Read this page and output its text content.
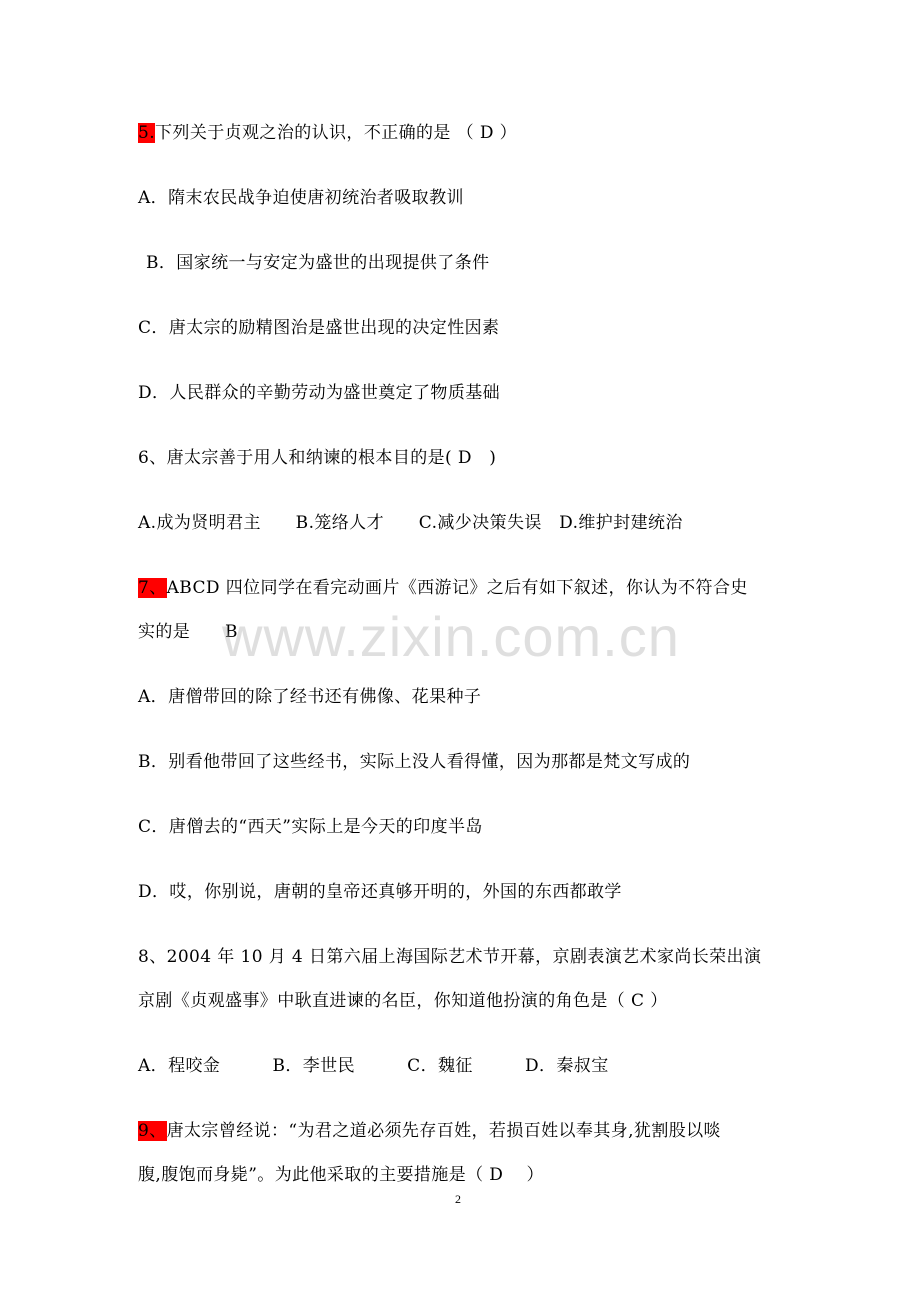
5.下列关于贞观之治的认识，不正确的是 （ D ）
A．隋末农民战争迫使唐初统治者吸取教训
B．国家统一与安定为盛世的出现提供了条件
C．唐太宗的励精图治是盛世出现的决定性因素
D．人民群众的辛勤劳动为盛世奠定了物质基础
6、唐太宗善于用人和纳谏的根本目的是( D　)
A.成为贤明君主　　B.笼络人才　　C.减少决策失误　D.维护封建统治
7、ABCD 四位同学在看完动画片《西游记》之后有如下叙述，你认为不符合史
实的是　　B
A．唐僧带回的除了经书还有佛像、花果种子
B．别看他带回了这些经书，实际上没人看得懂，因为那都是梵文写成的
C．唐僧去的“西天”实际上是今天的印度半岛
D．哎，你别说，唐朝的皇帝还真够开明的，外国的东西都敢学
8、2004 年 10 月 4 日第六届上海国际艺术节开幕，京剧表演艺术家尚长荣出演
京剧《贞观盛事》中耿直进谏的名臣，你知道他扮演的角色是（ C ）
A．程咬金　　　B．李世民　　　C．魏征　　　D．秦叔宝
9、唐太宗曾经说：“为君之道必须先存百姓，若损百姓以奉其身,犹割股以啖
腹,腹饱而身毙”。为此他采取的主要措施是（ D　 ）
www.zixin.com.cn
2
